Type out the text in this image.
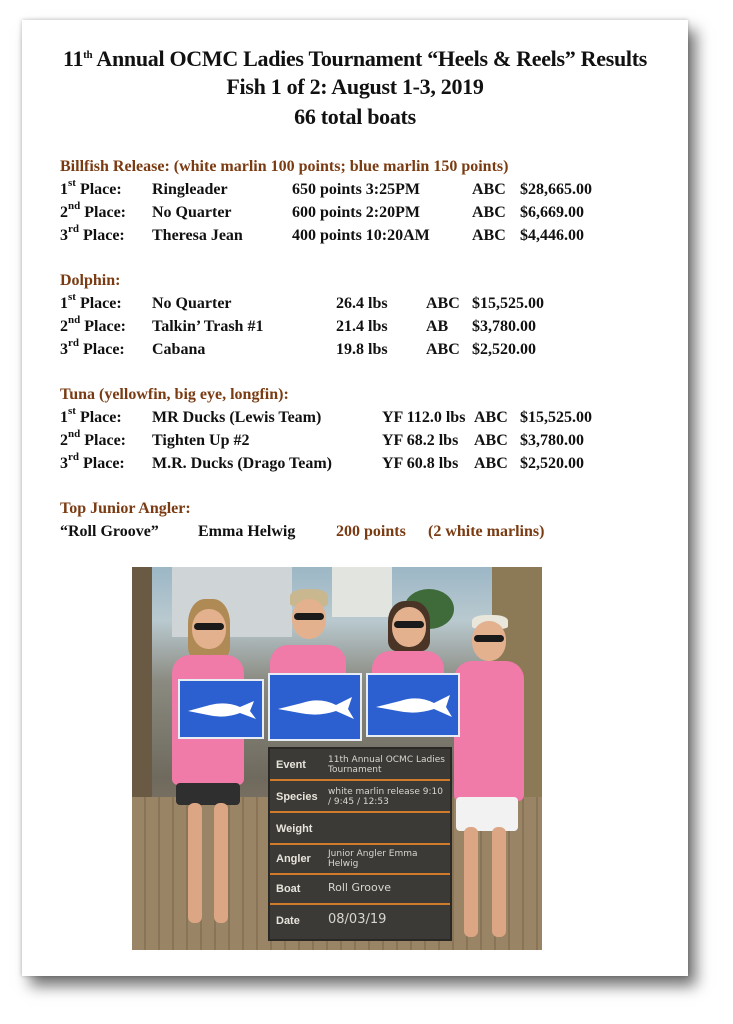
11th Annual OCMC Ladies Tournament “Heels & Reels” Results
Fish 1 of 2: August 1-3, 2019
66 total boats
Billfish Release: (white marlin 100 points; blue marlin 150 points)
1st Place: Ringleader	650 points 3:25PM	ABC $28,665.00
2nd Place: No Quarter	600 points 2:20PM	ABC $6,669.00
3rd Place: Theresa Jean	400 points 10:20AM	ABC $4,446.00
Dolphin:
1st Place: No Quarter	26.4 lbs ABC $15,525.00
2nd Place: Talkin’ Trash #1	21.4 lbs AB $3,780.00
3rd Place: Cabana	19.8 lbs ABC $2,520.00
Tuna (yellowfin, big eye, longfin):
1st Place: MR Ducks (Lewis Team)	YF 112.0 lbs ABC $15,525.00
2nd Place: Tighten Up #2	YF 68.2 lbs ABC $3,780.00
3rd Place: M.R. Ducks (Drago Team)	YF 60.8 lbs ABC $2,520.00
Top Junior Angler:
“Roll Groove” Emma Helwig	200 points (2 white marlins)
Event 11th Annual OCMC Ladies Tournament
Species white marlin release 9:10 / 9:45 / 12:53
Weight
Angler Junior Angler Emma Helwig
Boat	Roll Groove
Date 08/03/19
